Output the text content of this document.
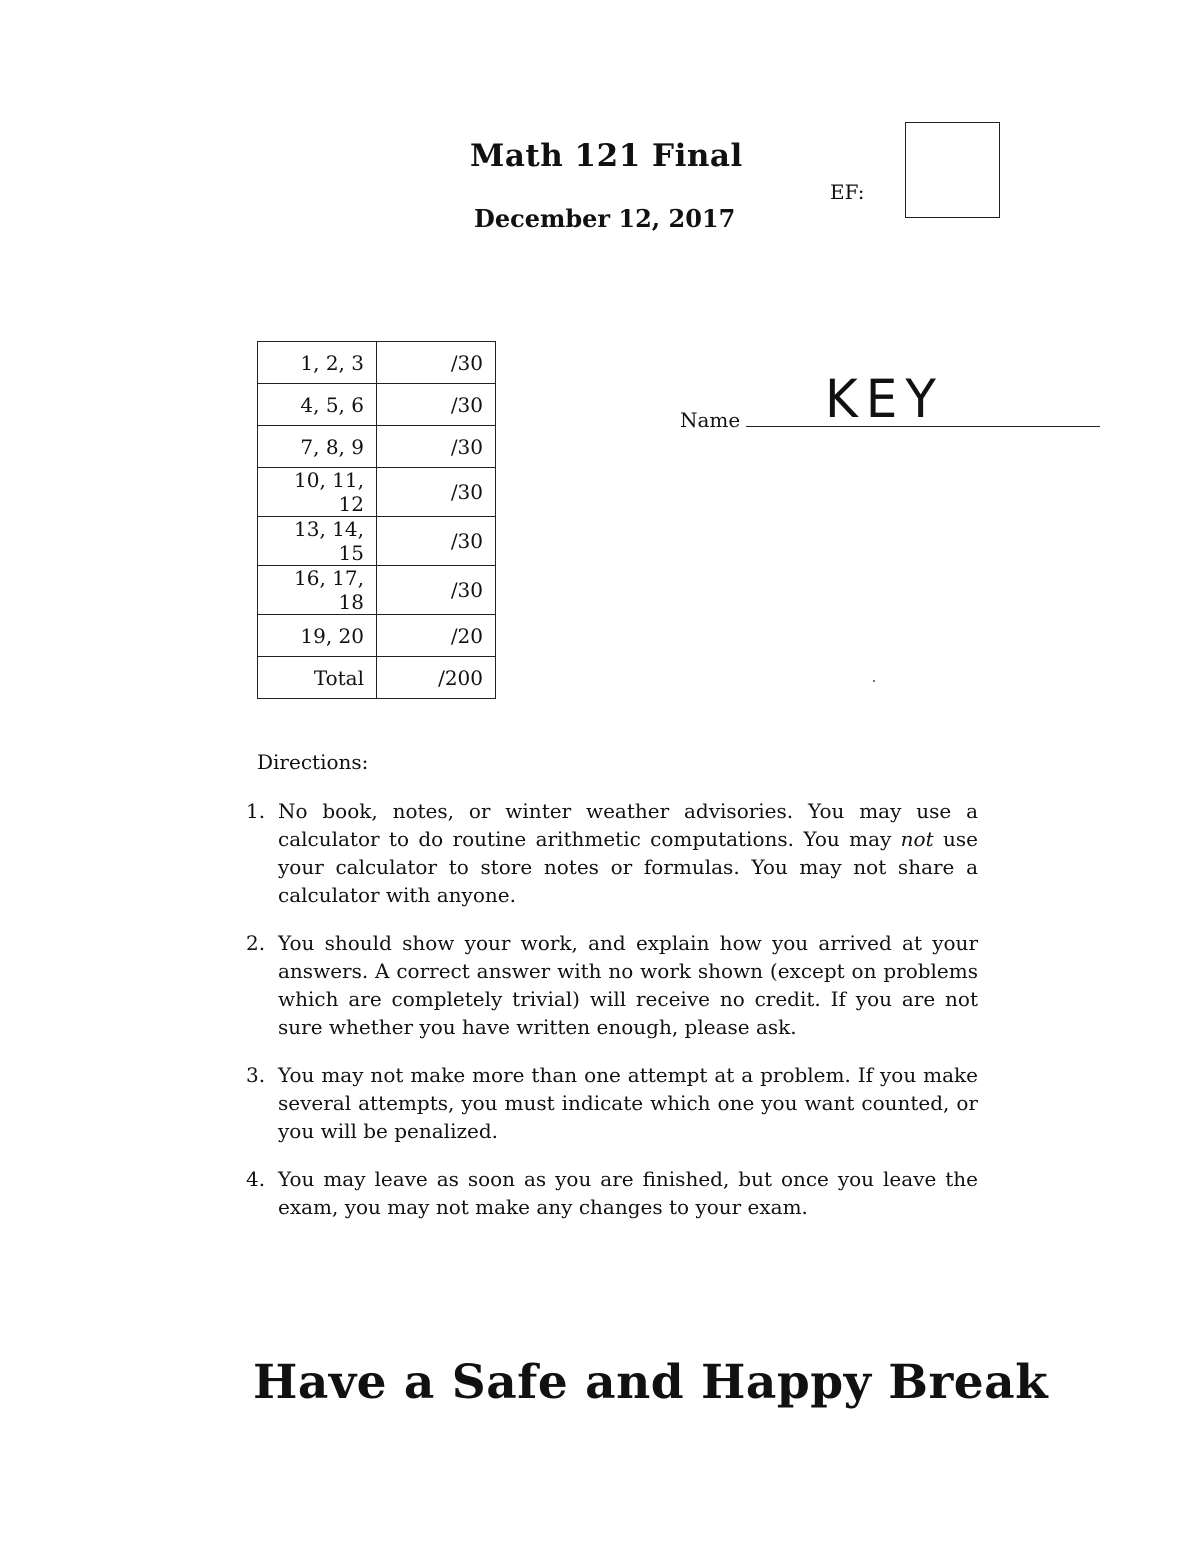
Math 121 Final
December 12, 2017
EF:
1, 2, 3	/30
4, 5, 6	/30
7, 8, 9	/30
10, 11, 12	/30
13, 14, 15	/30
16, 17, 18	/30
19, 20	/20
Total	/200
Name KEY
Directions:
1. No book, notes, or winter weather advisories. You may use a calculator to do routine arithmetic computations. You may not use your calculator to store notes or formulas. You may not share a calculator with anyone.
2. You should show your work, and explain how you arrived at your answers. A correct answer with no work shown (except on problems which are completely trivial) will receive no credit. If you are not sure whether you have written enough, please ask.
3. You may not make more than one attempt at a problem. If you make several attempts, you must indicate which one you want counted, or you will be penalized.
4. You may leave as soon as you are finished, but once you leave the exam, you may not make any changes to your exam.
Have a Safe and Happy Break
